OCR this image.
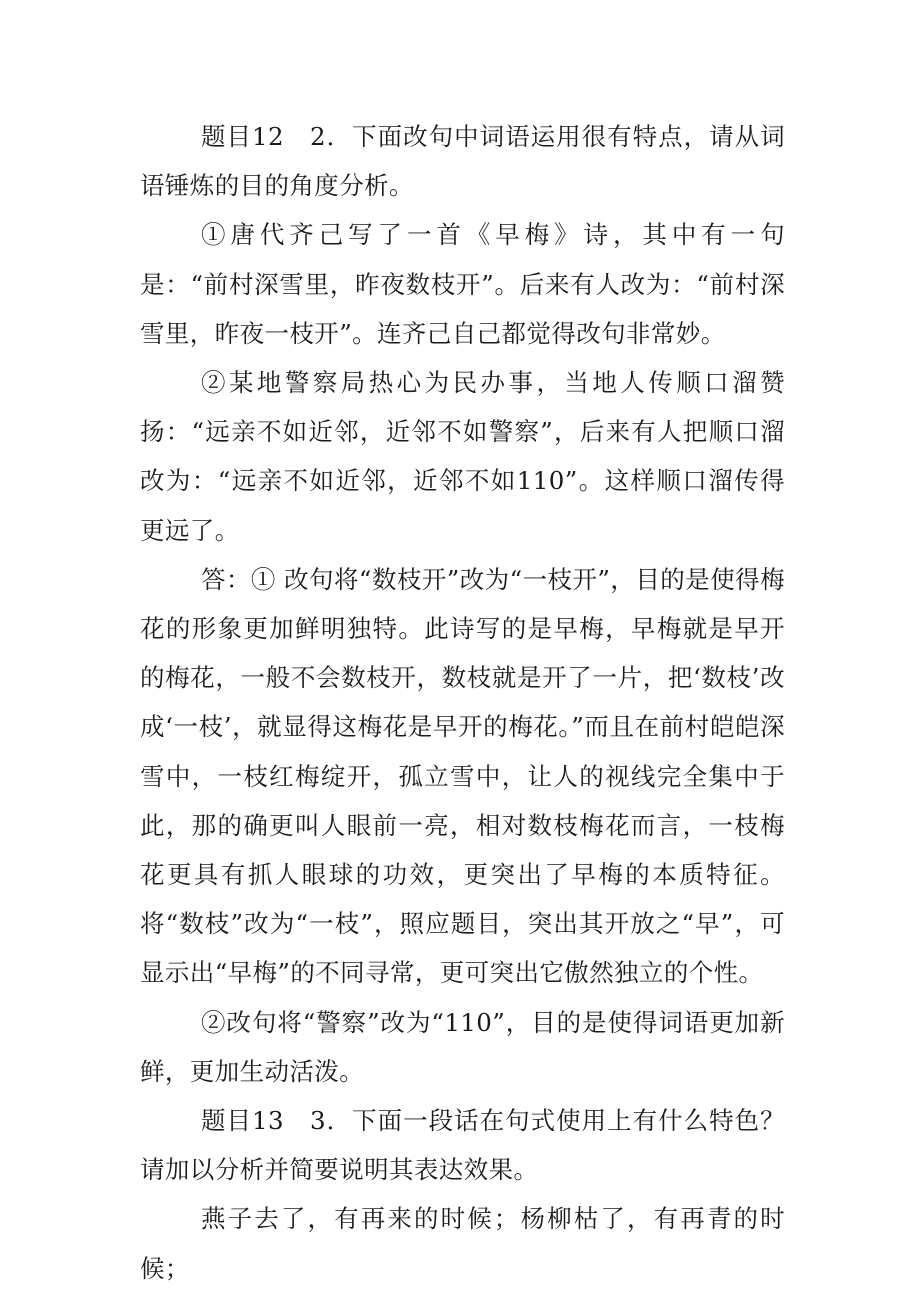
题目12　2．下面改句中词语运用很有特点，请从词语锤炼的目的角度分析。

①唐代齐己写了一首《早梅》诗，其中有一句是：“前村深雪里，昨夜数枝开”。后来有人改为：“前村深雪里，昨夜一枝开”。连齐己自己都觉得改句非常妙。

②某地警察局热心为民办事，当地人传顺口溜赞扬：“远亲不如近邻，近邻不如警察”，后来有人把顺口溜改为：“远亲不如近邻，近邻不如110”。这样顺口溜传得更远了。

答：① 改句将“数枝开”改为“一枝开”，目的是使得梅花的形象更加鲜明独特。此诗写的是早梅，早梅就是早开的梅花，一般不会数枝开，数枝就是开了一片，把‘数枝’改成‘一枝’，就显得这梅花是早开的梅花。”而且在前村皑皑深雪中，一枝红梅绽开，孤立雪中，让人的视线完全集中于此，那的确更叫人眼前一亮，相对数枝梅花而言，一枝梅花更具有抓人眼球的功效，更突出了早梅的本质特征。将“数枝”改为“一枝”，照应题目，突出其开放之“早”，可显示出“早梅”的不同寻常，更可突出它傲然独立的个性。

②改句将“警察”改为“110”，目的是使得词语更加新鲜，更加生动活泼。

题目13　3．下面一段话在句式使用上有什么特色？请加以分析并简要说明其表达效果。

燕子去了，有再来的时候；杨柳枯了，有再青的时候；
